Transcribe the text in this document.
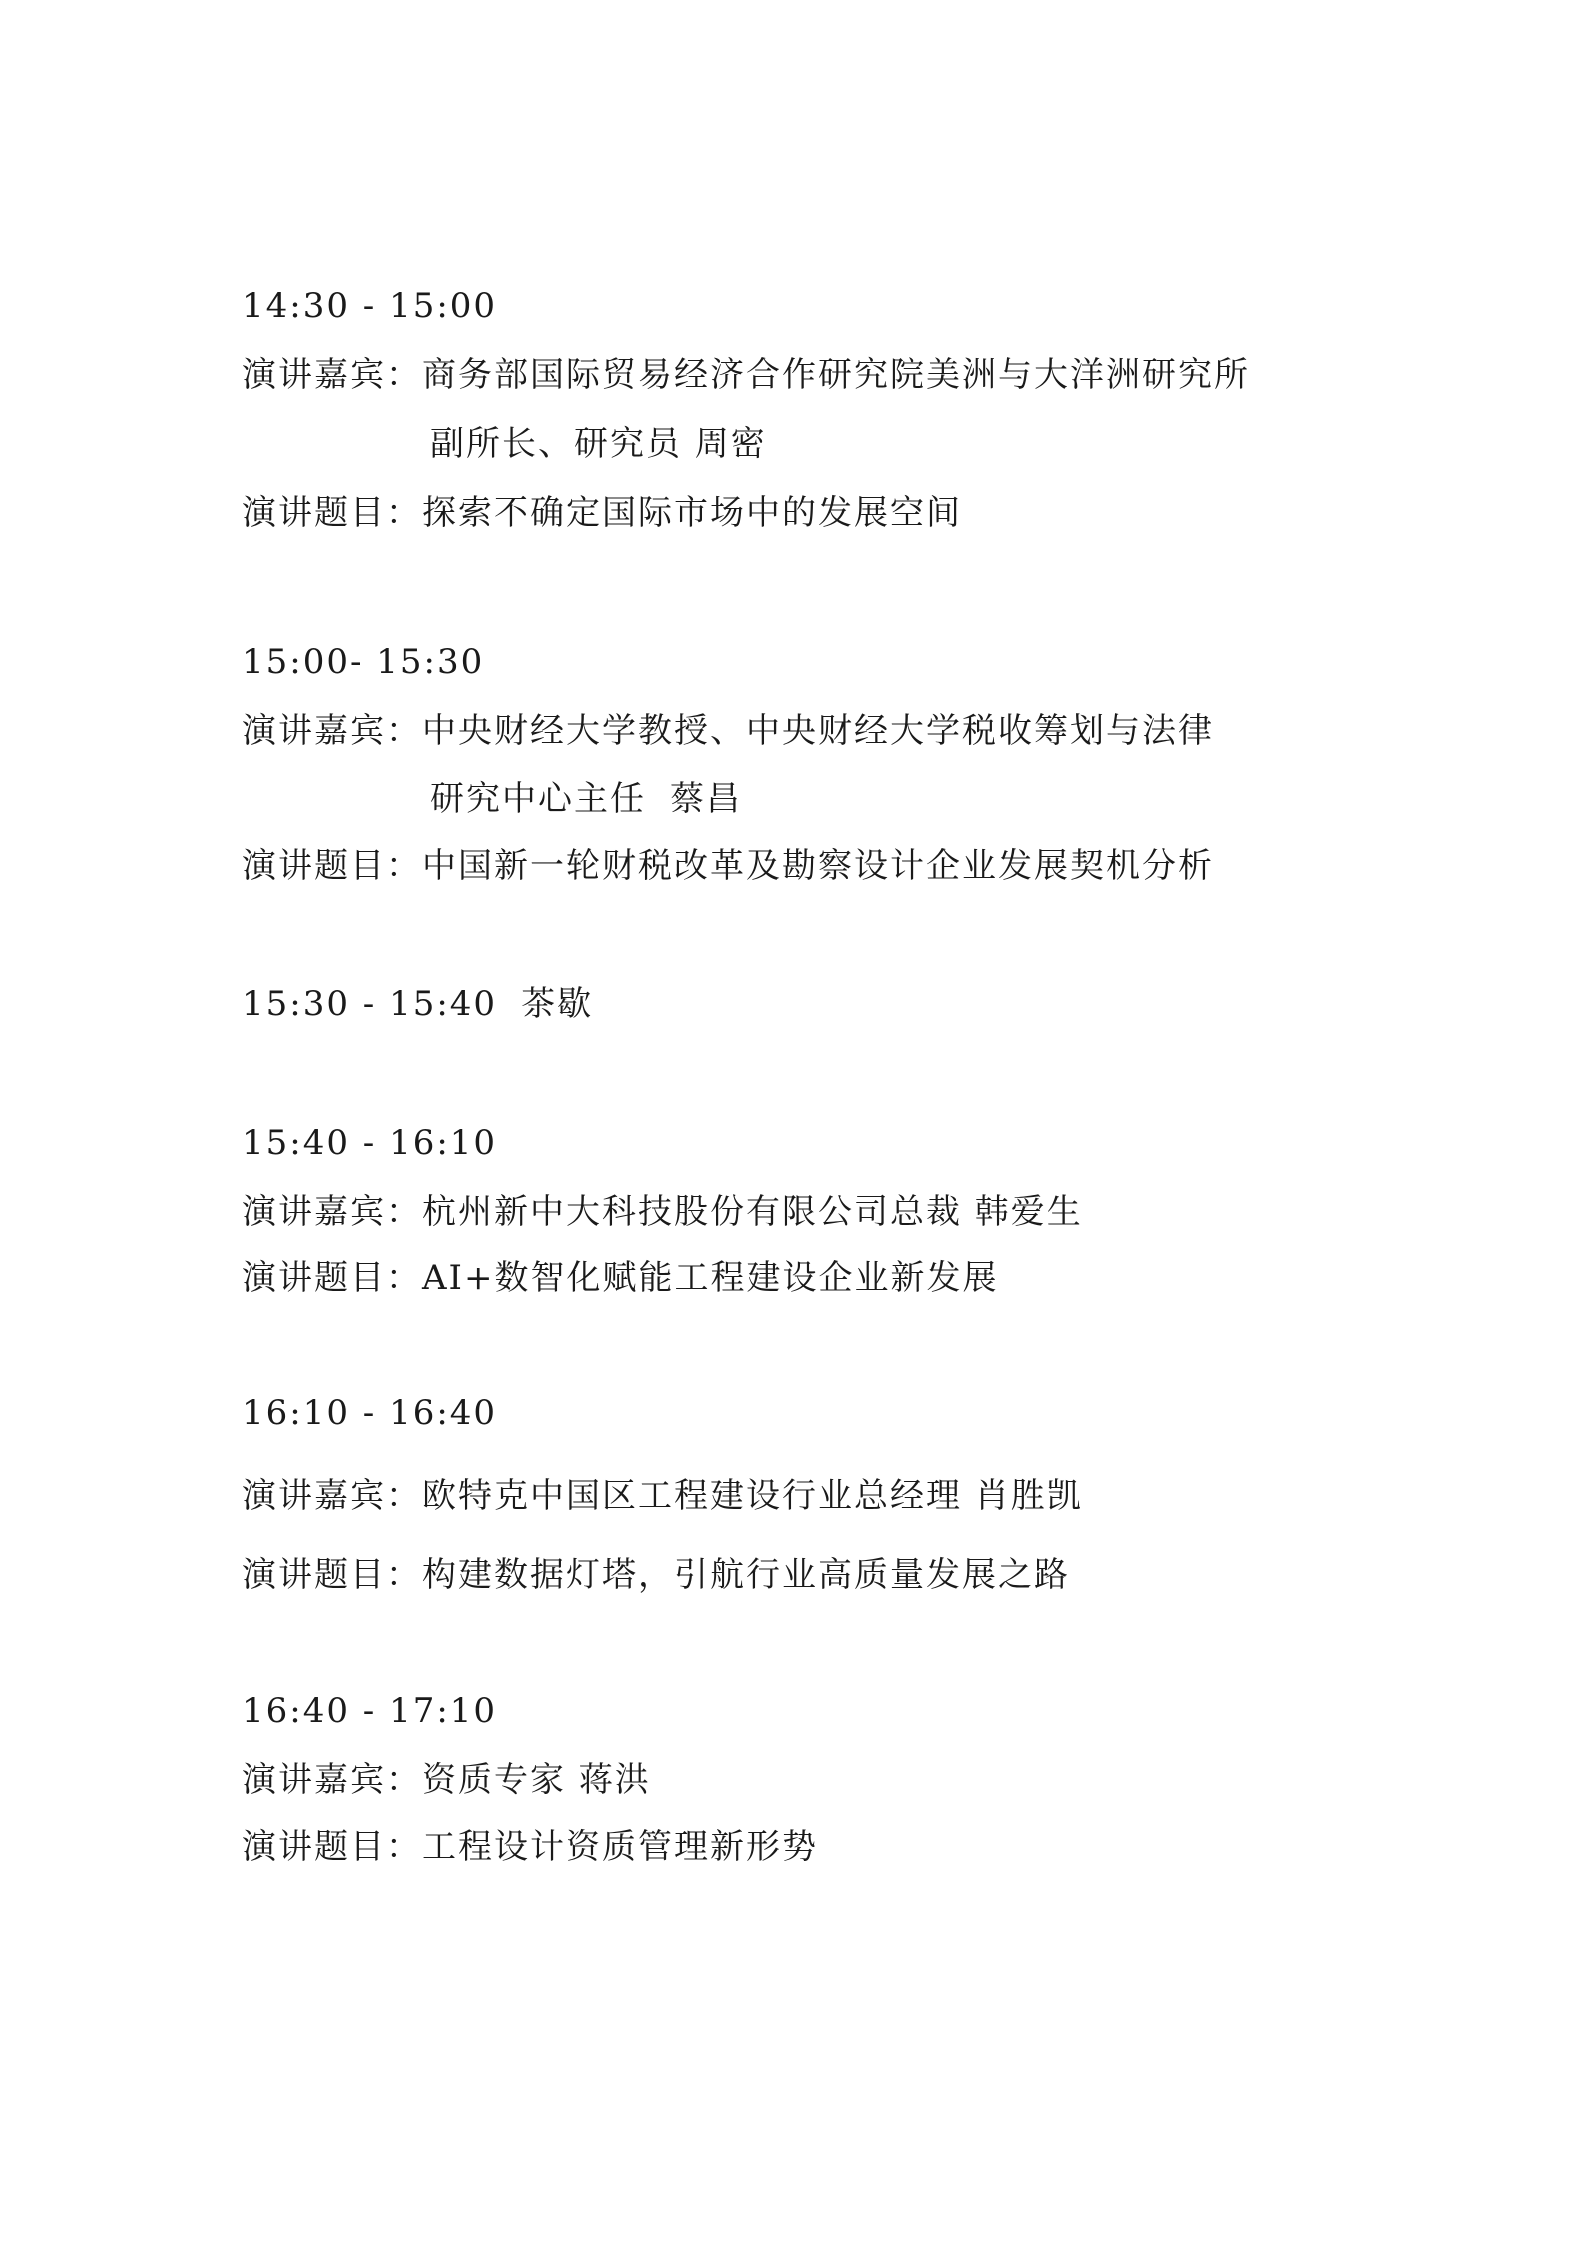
14:30 - 15:00
演讲嘉宾：商务部国际贸易经济合作研究院美洲与大洋洲研究所
副所长、研究员 周密
演讲题目：探索不确定国际市场中的发展空间
15:00- 15:30
演讲嘉宾：中央财经大学教授、中央财经大学税收筹划与法律
研究中心主任 蔡昌
演讲题目：中国新一轮财税改革及勘察设计企业发展契机分析
15:30 - 15:40 茶歇
15:40 - 16:10
演讲嘉宾：杭州新中大科技股份有限公司总裁 韩爱生
演讲题目：AI+数智化赋能工程建设企业新发展
16:10 - 16:40
演讲嘉宾：欧特克中国区工程建设行业总经理 肖胜凯
演讲题目：构建数据灯塔，引航行业高质量发展之路
16:40 - 17:10
演讲嘉宾：资质专家 蒋洪
演讲题目：工程设计资质管理新形势
